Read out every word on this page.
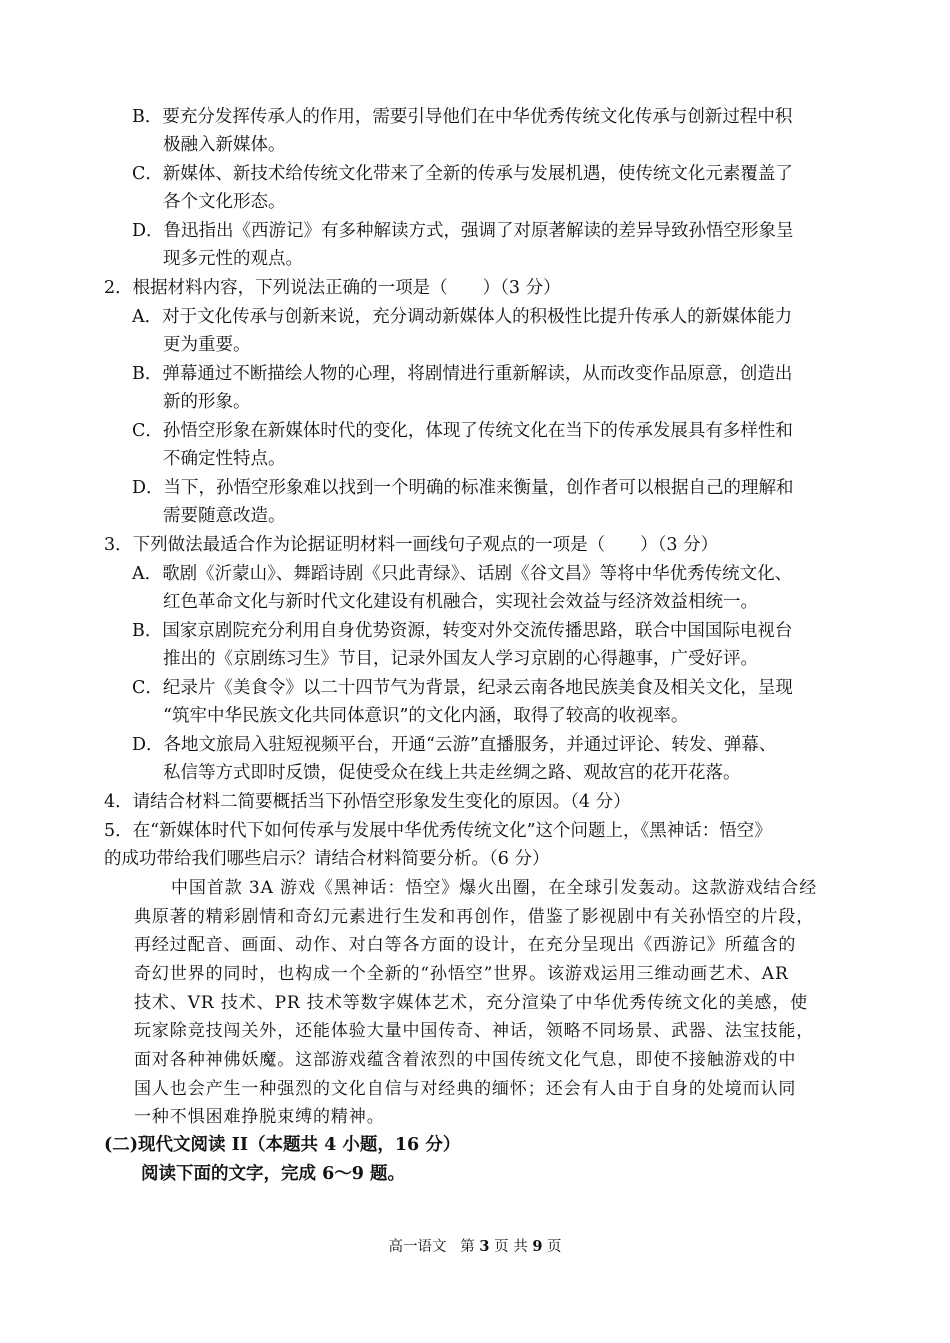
B．要充分发挥传承人的作用，需要引导他们在中华优秀传统文化传承与创新过程中积
极融入新媒体。
C．新媒体、新技术给传统文化带来了全新的传承与发展机遇，使传统文化元素覆盖了
各个文化形态。
D．鲁迅指出《西游记》有多种解读方式，强调了对原著解读的差异导致孙悟空形象呈
现多元性的观点。
2．根据材料内容，下列说法正确的一项是（　　）（3 分）
A．对于文化传承与创新来说，充分调动新媒体人的积极性比提升传承人的新媒体能力
更为重要。
B．弹幕通过不断描绘人物的心理，将剧情进行重新解读，从而改变作品原意，创造出
新的形象。
C．孙悟空形象在新媒体时代的变化，体现了传统文化在当下的传承发展具有多样性和
不确定性特点。
D．当下，孙悟空形象难以找到一个明确的标准来衡量，创作者可以根据自己的理解和
需要随意改造。
3．下列做法最适合作为论据证明材料一画线句子观点的一项是（　　）（3 分）
A．歌剧《沂蒙山》、舞蹈诗剧《只此青绿》、话剧《谷文昌》等将中华优秀传统文化、
红色革命文化与新时代文化建设有机融合，实现社会效益与经济效益相统一。
B．国家京剧院充分利用自身优势资源，转变对外交流传播思路，联合中国国际电视台
推出的《京剧练习生》节目，记录外国友人学习京剧的心得趣事，广受好评。
C．纪录片《美食令》以二十四节气为背景，纪录云南各地民族美食及相关文化，呈现
“筑牢中华民族文化共同体意识”的文化内涵，取得了较高的收视率。
D．各地文旅局入驻短视频平台，开通“云游”直播服务，并通过评论、转发、弹幕、
私信等方式即时反馈，促使受众在线上共走丝绸之路、观故宫的花开花落。
4．请结合材料二简要概括当下孙悟空形象发生变化的原因。（4 分）
5．在“新媒体时代下如何传承与发展中华优秀传统文化”这个问题上，《黑神话：悟空》
的成功带给我们哪些启示？请结合材料简要分析。（6 分）
中国首款 3A 游戏《黑神话：悟空》爆火出圈，在全球引发轰动。这款游戏结合经
典原著的精彩剧情和奇幻元素进行生发和再创作，借鉴了影视剧中有关孙悟空的片段，
再经过配音、画面、动作、对白等各方面的设计，在充分呈现出《西游记》所蕴含的
奇幻世界的同时，也构成一个全新的“孙悟空”世界。该游戏运用三维动画艺术、AR
技术、VR 技术、PR 技术等数字媒体艺术，充分渲染了中华优秀传统文化的美感，使
玩家除竞技闯关外，还能体验大量中国传奇、神话，领略不同场景、武器、法宝技能，
面对各种神佛妖魔。这部游戏蕴含着浓烈的中国传统文化气息，即使不接触游戏的中
国人也会产生一种强烈的文化自信与对经典的缅怀；还会有人由于自身的处境而认同
一种不惧困难挣脱束缚的精神。
(二)现代文阅读 II（本题共 4 小题，16 分）
阅读下面的文字，完成 6～9 题。
高一语文 第 3 页 共 9 页
